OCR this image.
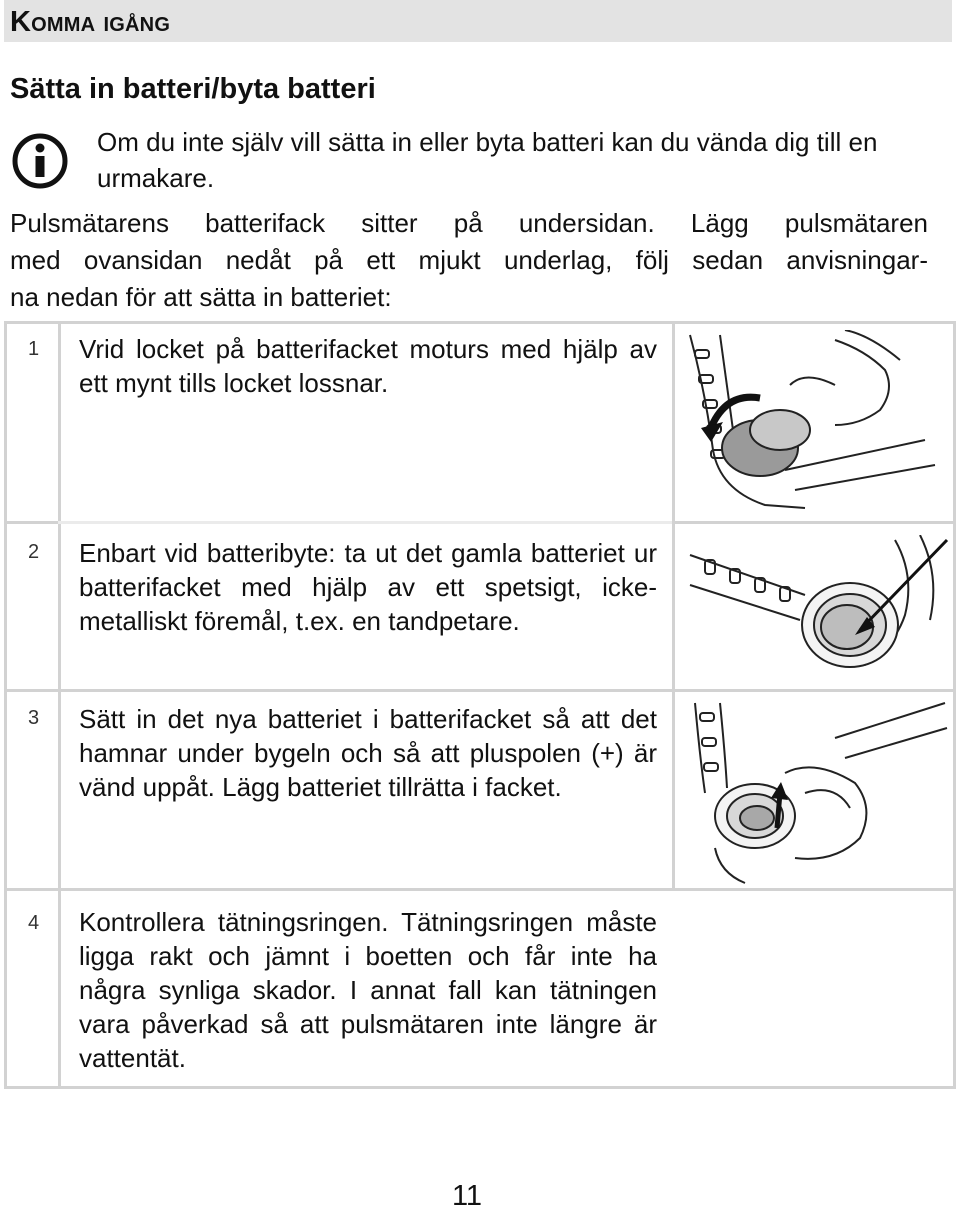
Komma igång
Sätta in batteri/byta batteri
Om du inte själv vill sätta in eller byta batteri kan du vända dig till en urmakare.

Pulsmätarens batterifack sitter på undersidan. Lägg pulsmätaren
med ovansidan nedåt på ett mjukt underlag, följ sedan anvisningar-
na nedan för att sätta in batteriet:

1 Vrid locket på batterifacket moturs med hjälp av ett mynt tills locket lossnar.
2 Enbart vid batteribyte: ta ut det gamla batteriet ur batterifacket med hjälp av ett spetsigt, icke-metalliskt föremål, t.ex. en tandpetare.
3 Sätt in det nya batteriet i batterifacket så att det hamnar under bygeln och så att pluspolen (+) är vänd uppåt. Lägg batteriet tillrätta i facket.
4 Kontrollera tätningsringen. Tätningsringen måste ligga rakt och jämnt i boetten och får inte ha några synliga skador. I annat fall kan tätningen vara påverkad så att pulsmätaren inte längre är vattentät.
11
